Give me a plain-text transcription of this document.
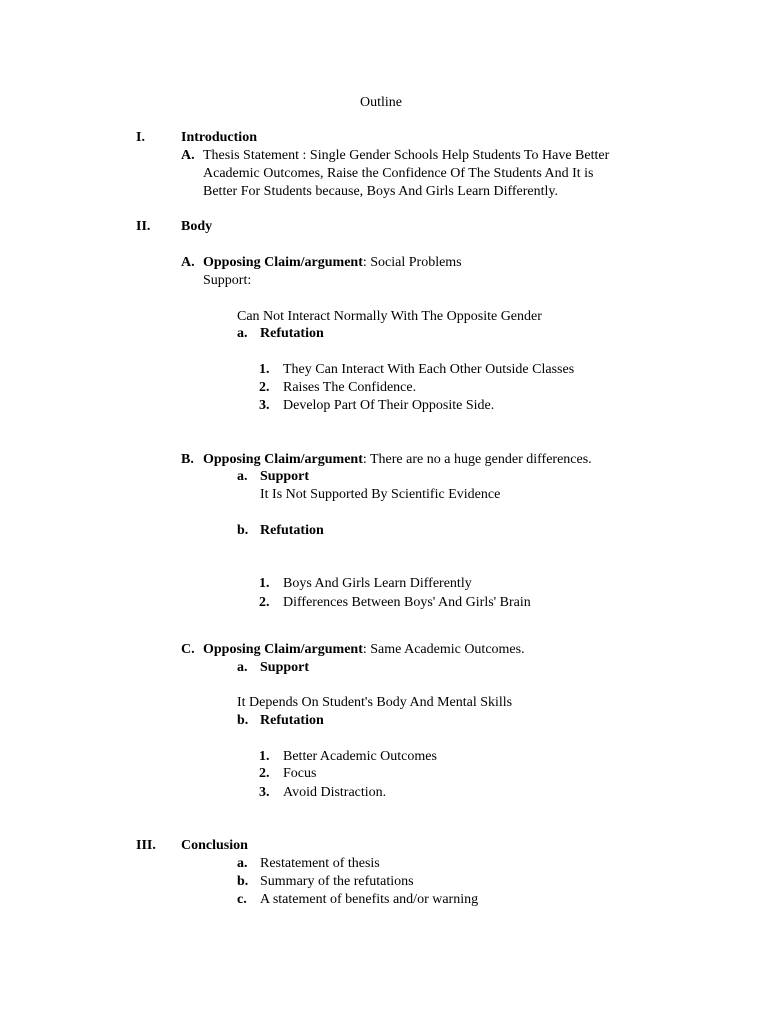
Outline
I.	Introduction
A. Thesis Statement : Single Gender Schools Help Students To Have Better
Academic Outcomes, Raise the Confidence Of The Students And It is
Better For Students because, Boys And Girls Learn Differently.
II. Body
A. Opposing Claim/argument: Social Problems
Support:
Can Not Interact Normally With The Opposite Gender
a. Refutation
1. They Can Interact With Each Other Outside Classes
2. Raises The Confidence.
3. Develop Part Of Their Opposite Side.
B. Opposing Claim/argument: There are no a huge gender differences.
a. Support
It Is Not Supported By Scientific Evidence
b. Refutation
1. Boys And Girls Learn Differently
2. Differences Between Boys' And Girls' Brain
C. Opposing Claim/argument: Same Academic Outcomes.
a. Support
It Depends On Student's Body And Mental Skills
b. Refutation
1. Better Academic Outcomes
2. Focus
3. Avoid Distraction.
III. Conclusion
a. Restatement of thesis
b. Summary of the refutations
c. A statement of benefits and/or warning
